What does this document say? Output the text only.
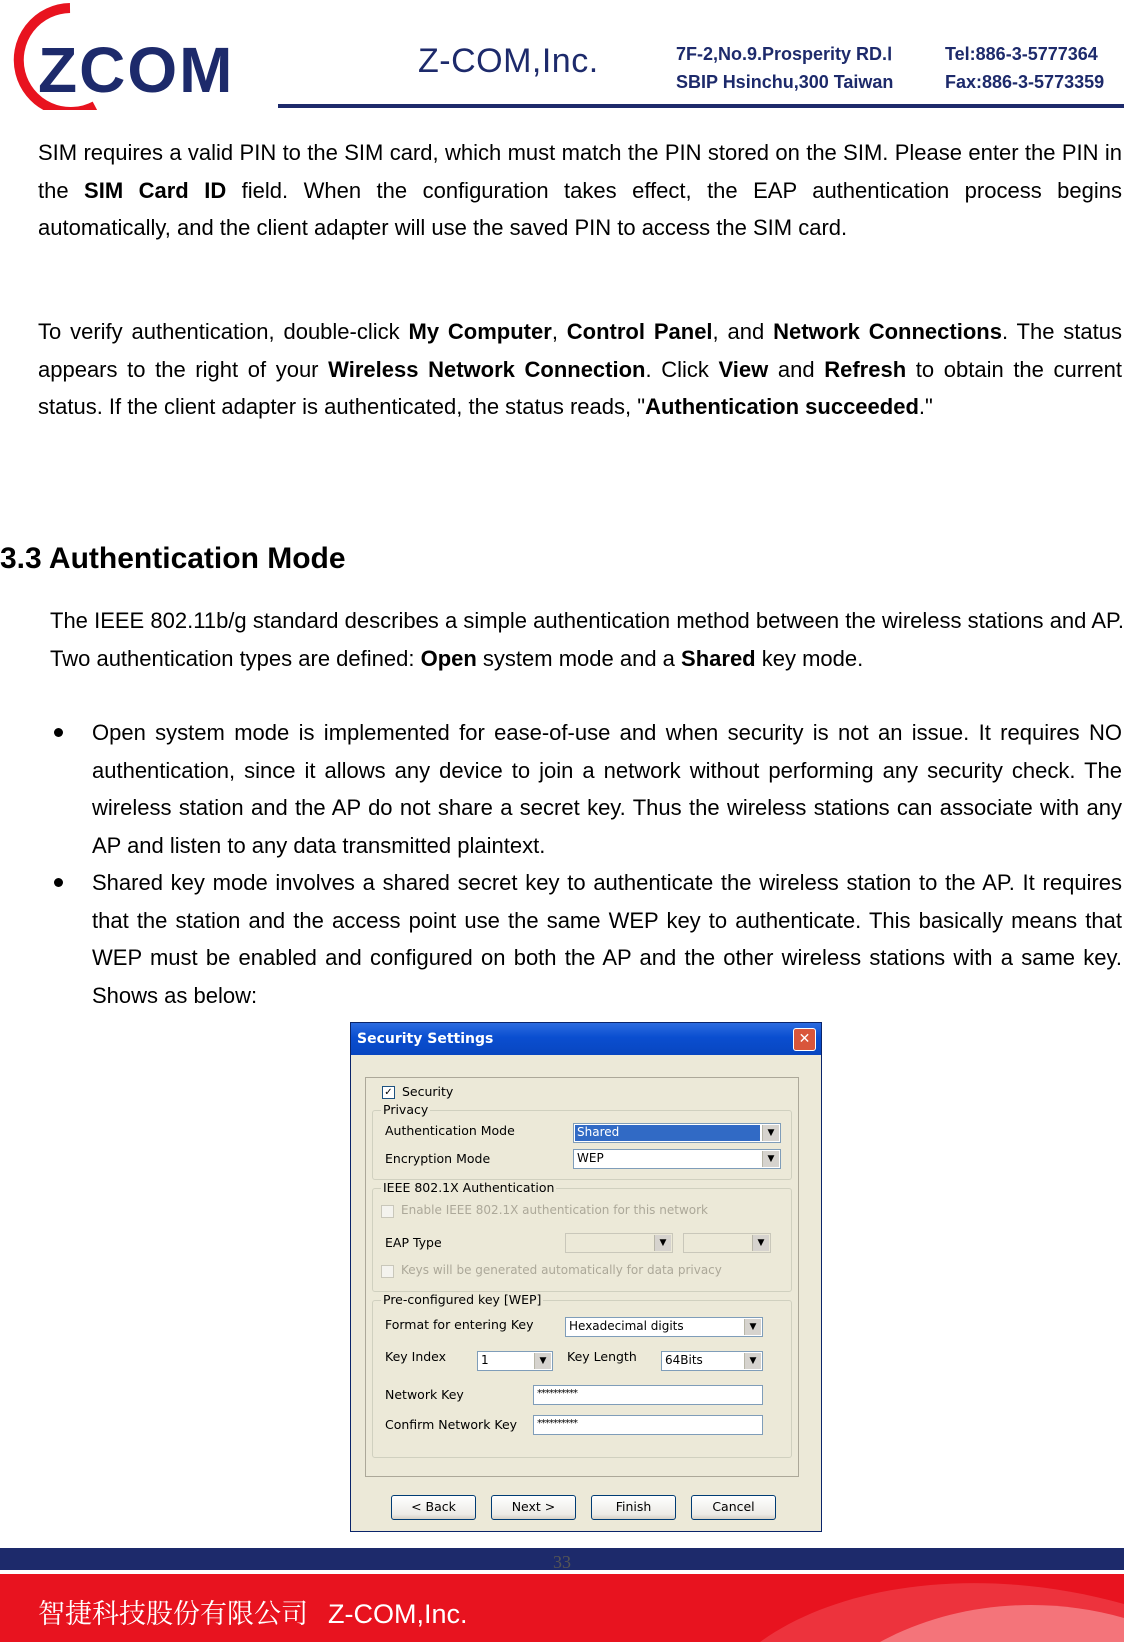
ZCOM	Z-COM,Inc.	7F-2,No.9.Prosperity RD.Ⅰ
SBIP Hsinchu,300 Taiwan
Tel:886-3-5777364
Fax:886-3-5773359
SIM requires a valid PIN to the SIM card, which must match the PIN stored on the SIM. Please enter the PIN in the SIM Card ID field. When the configuration takes effect, the EAP authentication process begins automatically, and the client adapter will use the saved PIN to access the SIM card.
To verify authentication, double-click My Computer, Control Panel, and Network Connections. The status appears to the right of your Wireless Network Connection. Click View and Refresh to obtain the current status. If the client adapter is authenticated, the status reads, "Authentication succeeded."
3.3 Authentication Mode
The IEEE 802.11b/g standard describes a simple authentication method between the wireless stations and AP. Two authentication types are defined: Open system mode and a Shared key mode.
Open system mode is implemented for ease-of-use and when security is not an issue. It requires NO authentication, since it allows any device to join a network without performing any security check. The wireless station and the AP do not share a secret key. Thus the wireless stations can associate with any AP and listen to any data transmitted plaintext.
Shared key mode involves a shared secret key to authenticate the wireless station to the AP. It requires that the station and the access point use the same WEP key to authenticate. This basically means that WEP must be enabled and configured on both the AP and the other wireless stations with a same key. Shows as below:
Security Settings	✕
✓ Security
Privacy
Authentication Mode	Shared	▼
Encryption Mode	WEP	▼
IEEE 802.1X Authentication
Enable IEEE 802.1X authentication for this network
EAP Type	▼	▼
Keys will be generated automatically for data privacy
Pre-configured key [WEP]
Format for entering Key	Hexadecimal digits	▼
Key Index	1	▼	Key Length 64Bits	▼
Network Key	**********
Confirm Network Key **********
< Back	Next >	Finish	Cancel
33
智捷科技股份有限公司 Z-COM,Inc.
